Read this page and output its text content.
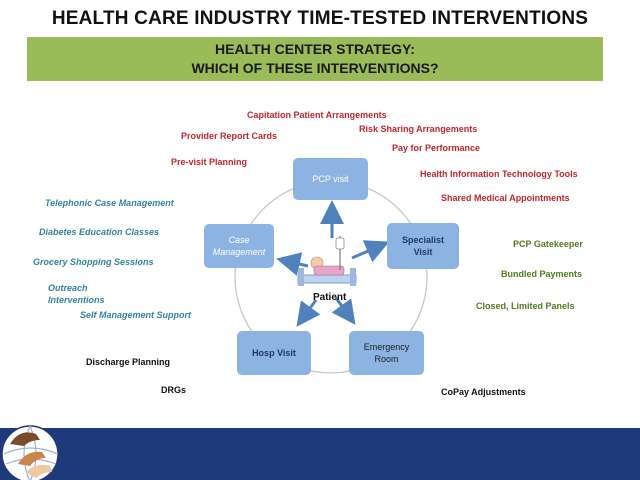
HEALTH CARE INDUSTRY TIME-TESTED INTERVENTIONS
HEALTH CENTER STRATEGY:
WHICH OF THESE INTERVENTIONS?
PCP visit
Specialist Visit
Case Management
Emergency Room
Hosp Visit
Patient
Capitation Patient Arrangements
Risk Sharing Arrangements
Provider Report Cards
Pay for Performance
Pre-visit Planning
Health Information Technology Tools
Shared Medical Appointments
Telephonic Case Management
Diabetes Education Classes
Grocery Shopping Sessions
Outreach Interventions
Self Management Support
PCP Gatekeeper
Bundled Payments
Closed, Limited Panels
Discharge Planning
DRGs	CoPay Adjustments
